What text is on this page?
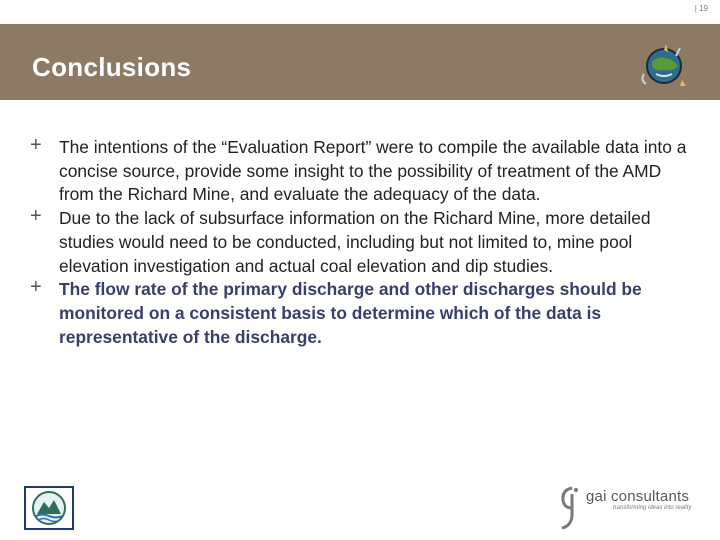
| 19
Conclusions
+ The intentions of the “Evaluation Report” were to compile the available data into a concise source, provide some insight to the possibility of treatment of the AMD from the Richard Mine, and evaluate the adequacy of the data.
+ Due to the lack of subsurface information on the Richard Mine, more detailed studies would need to be conducted, including but not limited to, mine pool elevation investigation and actual coal elevation and dip studies.
+ The flow rate of the primary discharge and other discharges should be monitored on a consistent basis to determine which of the data is representative of the discharge.
gai consultants
transforming ideas into reality
